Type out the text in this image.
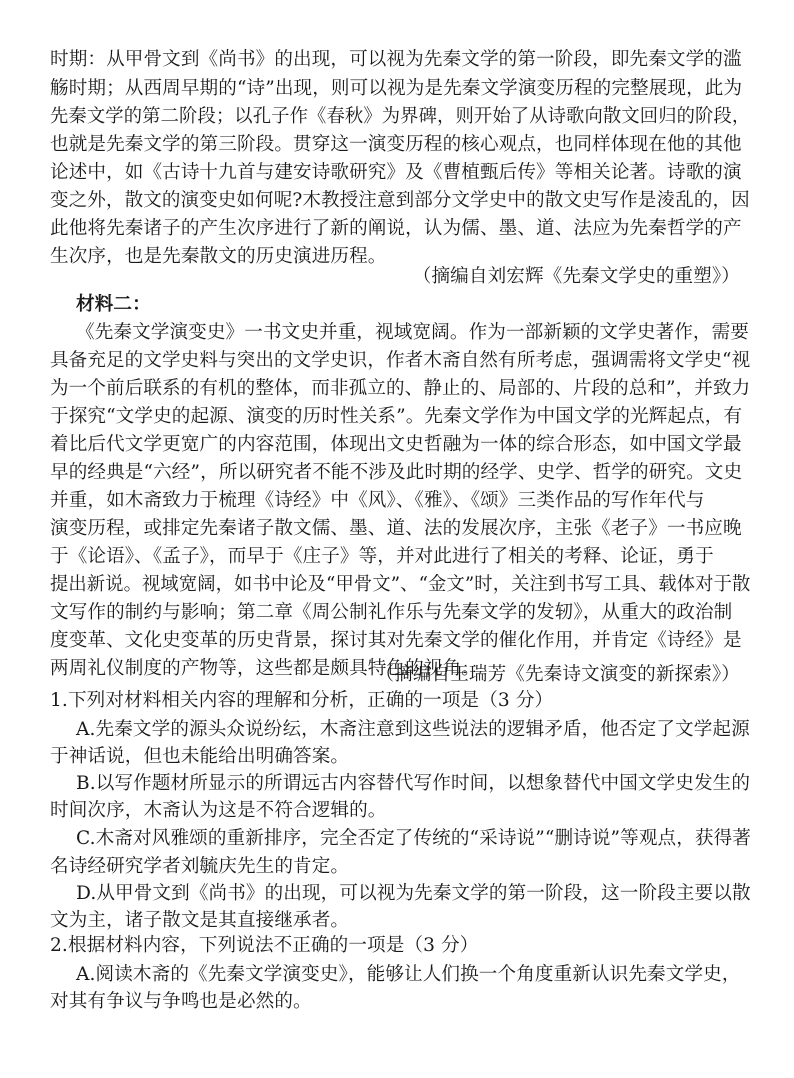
时期：从甲骨文到《尚书》的出现，可以视为先秦文学的第一阶段，即先秦文学的滥

觞时期；从西周早期的“诗”出现，则可以视为是先秦文学演变历程的完整展现，此为

先秦文学的第二阶段；以孔子作《春秋》为界碑，则开始了从诗歌向散文回归的阶段，

也就是先秦文学的第三阶段。贯穿这一演变历程的核心观点，也同样体现在他的其他

论述中，如《古诗十九首与建安诗歌研究》及《曹植甄后传》等相关论著。诗歌的演

变之外，散文的演变史如何呢?木教授注意到部分文学史中的散文史写作是淩乱的，因

此他将先秦诸子的产生次序进行了新的阐说，认为儒、墨、道、法应为先秦哲学的产

生次序，也是先秦散文的历史演进历程。

（摘编自刘宏辉《先秦文学史的重塑》）

材料二：

《先秦文学演变史》一书文史并重，视域宽阔。作为一部新颖的文学史著作，需要

具备充足的文学史料与突出的文学史识，作者木斋自然有所考虑，强调需将文学史“视

为一个前后联系的有机的整体，而非孤立的、静止的、局部的、片段的总和”，并致力

于探究“文学史的起源、演变的历时性关系”。先秦文学作为中国文学的光辉起点，有

着比后代文学更宽广的内容范围，体现出文史哲融为一体的综合形态，如中国文学最

早的经典是“六经”，所以研究者不能不涉及此时期的经学、史学、哲学的研究。文史

并重，如木斋致力于梳理《诗经》中《风》、《雅》、《颂》三类作品的写作年代与

演变历程，或排定先秦诸子散文儒、墨、道、法的发展次序，主张《老子》一书应晚

于《论语》、《孟子》，而早于《庄子》等，并对此进行了相关的考释、论证，勇于

提出新说。视域宽阔，如书中论及“甲骨文”、“金文”时，关注到书写工具、载体对于散

文写作的制约与影响；第二章《周公制礼作乐与先秦文学的发轫》，从重大的政治制

度变革、文化史变革的历史背景，探讨其对先秦文学的催化作用，并肯定《诗经》是

两周礼仪制度的产物等，这些都是颇具特色的视角。

（摘编自王瑞芳《先秦诗文演变的新探索》）

1.下列对材料相关内容的理解和分析，正确的一项是（3 分）

A.先秦文学的源头众说纷纭，木斋注意到这些说法的逻辑矛盾，他否定了文学起源

于神话说，但也未能给出明确答案。

B.以写作题材所显示的所谓远古内容替代写作时间，以想象替代中国文学史发生的

时间次序，木斋认为这是不符合逻辑的。

C.木斋对风雅颂的重新排序，完全否定了传统的“采诗说”“删诗说”等观点，获得著

名诗经研究学者刘毓庆先生的肯定。

D.从甲骨文到《尚书》的出现，可以视为先秦文学的第一阶段，这一阶段主要以散

文为主，诸子散文是其直接继承者。

2.根据材料内容，下列说法不正确的一项是（3 分）

A.阅读木斋的《先秦文学演变史》，能够让人们换一个角度重新认识先秦文学史，

对其有争议与争鸣也是必然的。
